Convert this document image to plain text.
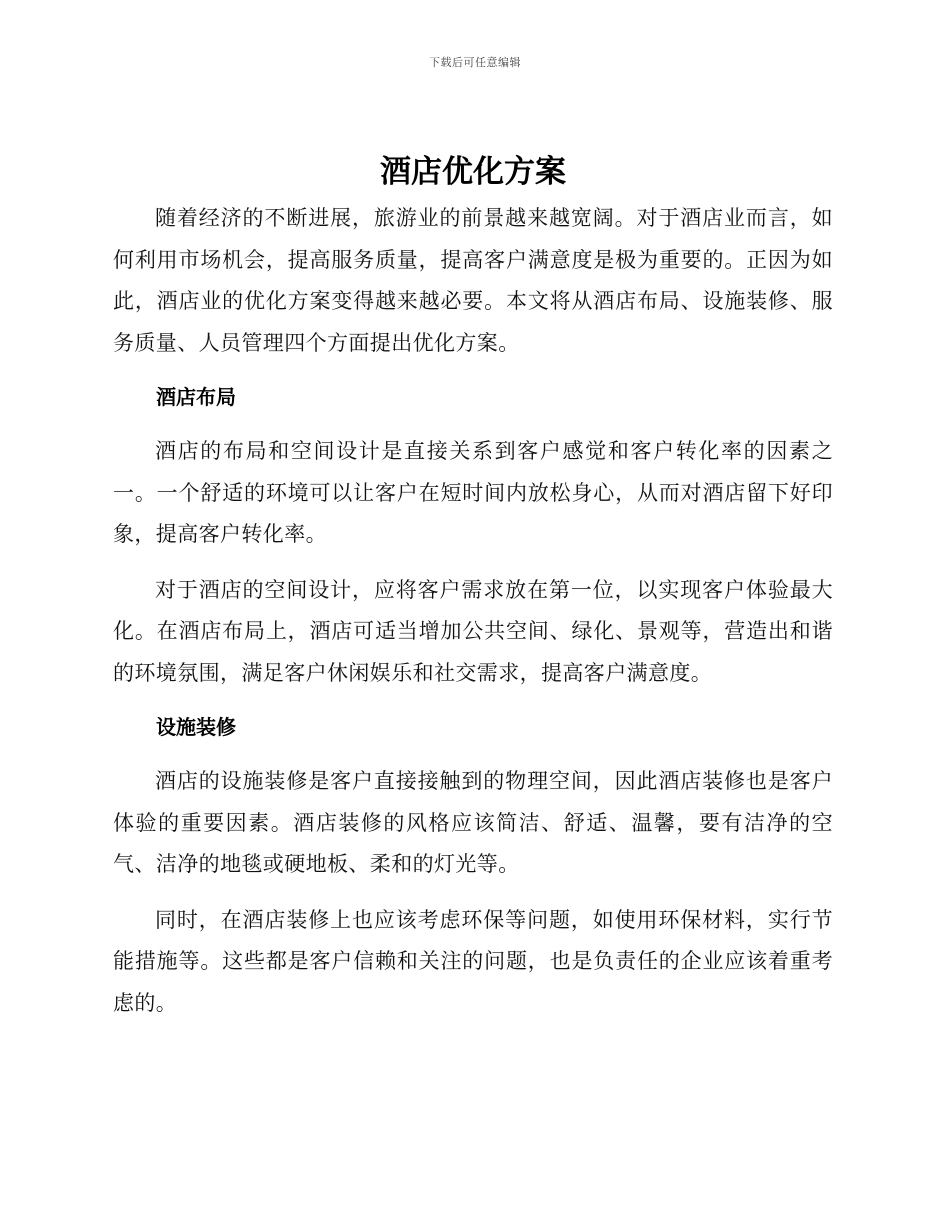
下载后可任意编辑
酒店优化方案

随着经济的不断进展，旅游业的前景越来越宽阔。对于酒店业而言，如何利用市场机会，提高服务质量，提高客户满意度是极为重要的。正因为如此，酒店业的优化方案变得越来越必要。本文将从酒店布局、设施装修、服务质量、人员管理四个方面提出优化方案。

酒店布局

酒店的布局和空间设计是直接关系到客户感觉和客户转化率的因素之一。一个舒适的环境可以让客户在短时间内放松身心，从而对酒店留下好印象，提高客户转化率。

对于酒店的空间设计，应将客户需求放在第一位，以实现客户体验最大化。在酒店布局上，酒店可适当增加公共空间、绿化、景观等，营造出和谐的环境氛围，满足客户休闲娱乐和社交需求，提高客户满意度。

设施装修

酒店的设施装修是客户直接接触到的物理空间，因此酒店装修也是客户体验的重要因素。酒店装修的风格应该简洁、舒适、温馨，要有洁净的空气、洁净的地毯或硬地板、柔和的灯光等。

同时，在酒店装修上也应该考虑环保等问题，如使用环保材料，实行节能措施等。这些都是客户信赖和关注的问题，也是负责任的企业应该着重考虑的。
